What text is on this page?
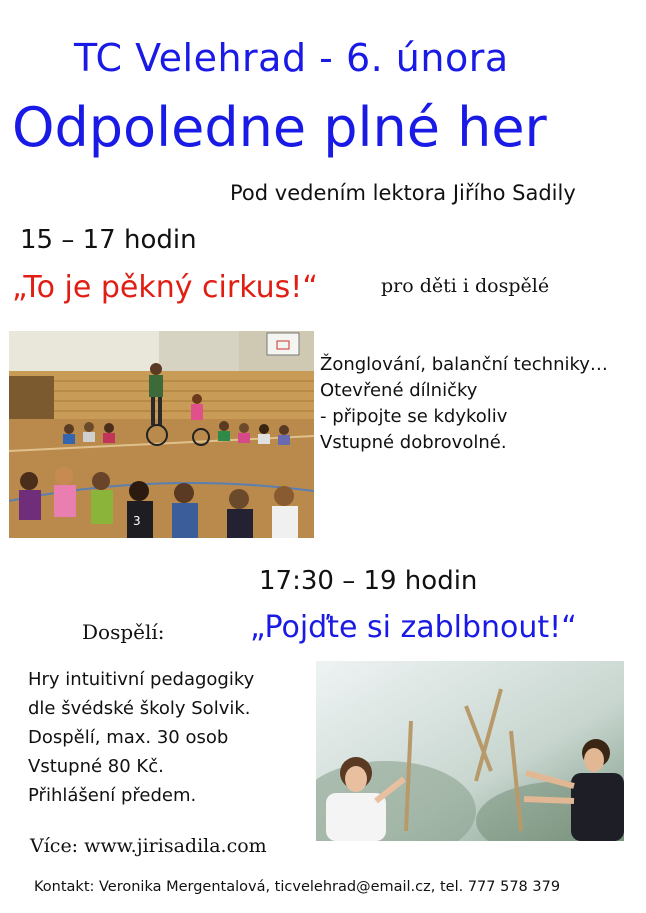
TC Velehrad - 6. února
Odpoledne plné her
Pod vedením lektora Jiřího Sadily
15 – 17 hodin
„To je pěkný cirkus!“	pro děti i dospělé
3
Žonglování, balanční techniky…
Otevřené dílničky
- připojte se kdykoliv
Vstupné dobrovolné.
17:30 – 19 hodin
Dospělí:	„Pojďte si zablbnout!“
Hry intuitivní pedagogiky
dle švédské školy Solvik.
Dospělí, max. 30 osob
Vstupné 80 Kč.
Přihlášení předem.
Více: www.jirisadila.com
Kontakt: Veronika Mergentalová, ticvelehrad@email.cz, tel. 777 578 379
